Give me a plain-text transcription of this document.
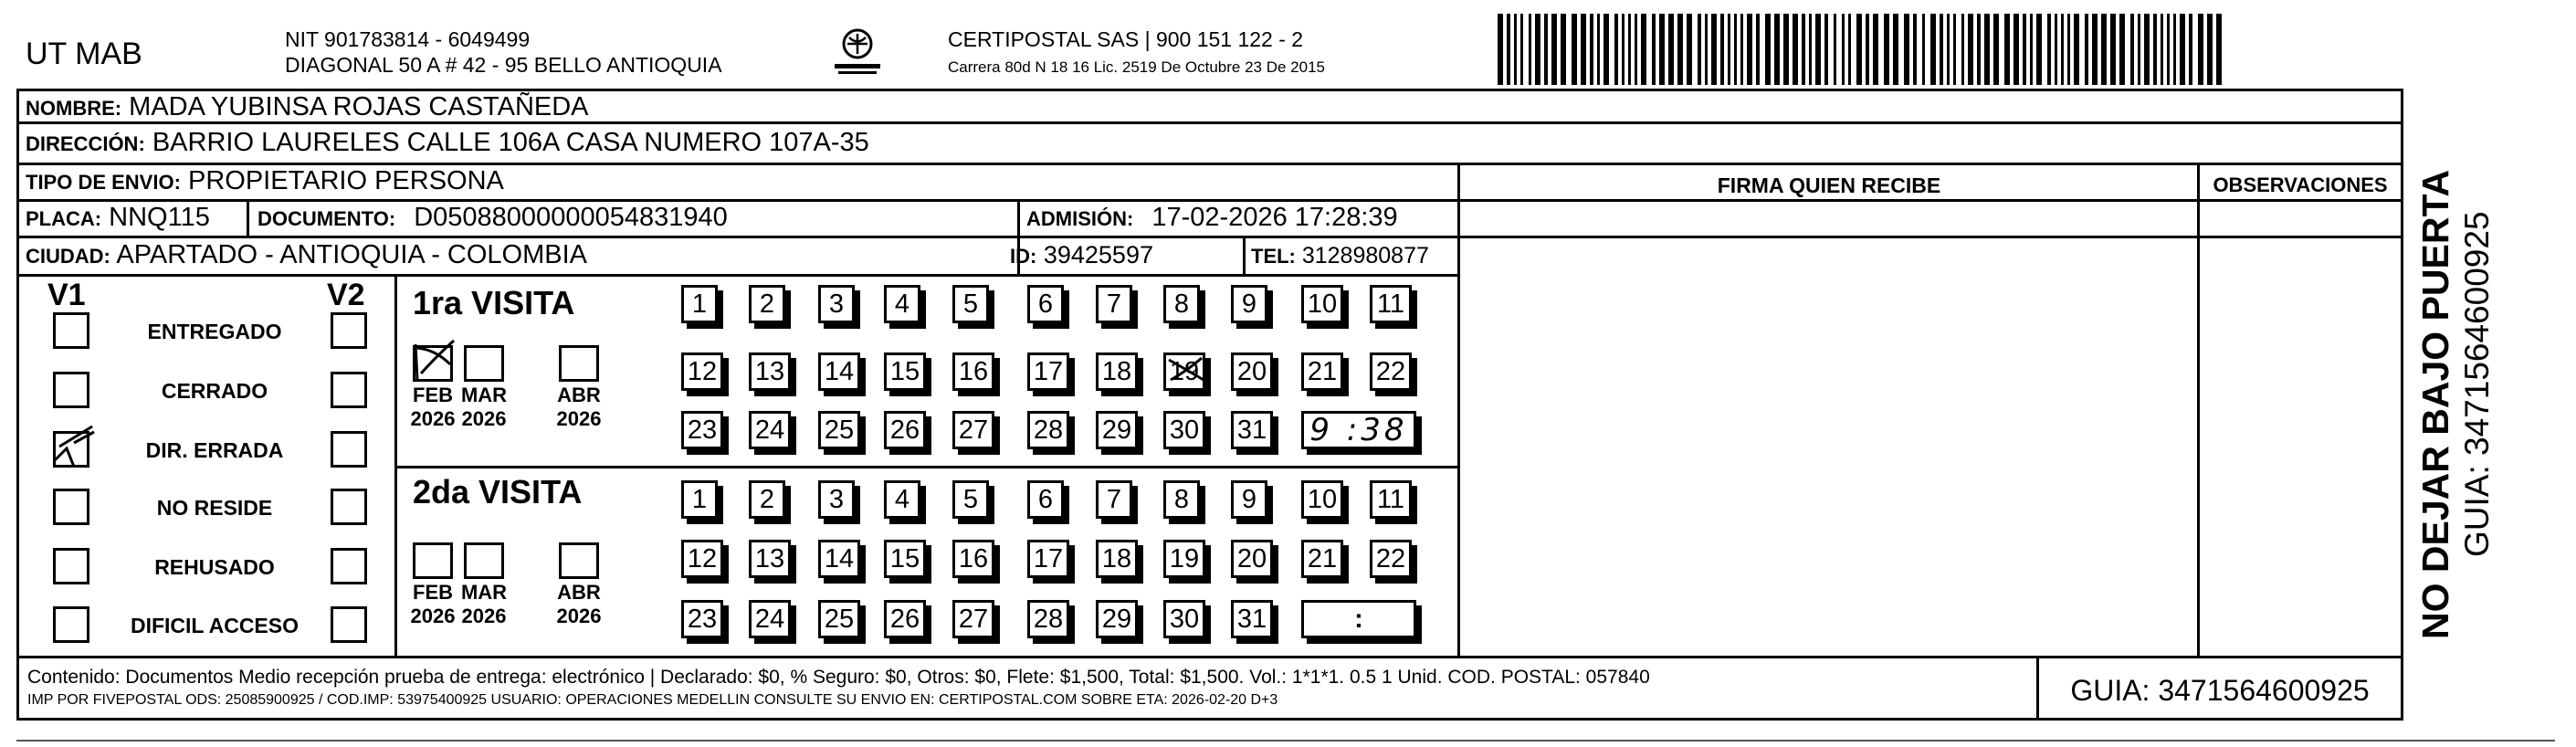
UT MAB	NIT 901783814 - 6049499
DIAGONAL 50 A # 42 - 95 BELLO ANTIOQUIA
CERTIPOSTAL SAS | 900 151 122 - 2
Carrera 80d N 18 16 Lic. 2519 De Octubre 23 De 2015
NOMBRE: MADA YUBINSA ROJAS CASTAÑEDA
DIRECCIÓN: BARRIO LAURELES CALLE 106A CASA NUMERO 107A-35
TIPO DE ENVIO: PROPIETARIO PERSONA	FIRMA QUIEN RECIBE	OBSERVACIONES
PLACA: NNQ115 DOCUMENTO: D05088000000054831940	ADMISIÓN: 17-02-2026 17:28:39
CIUDAD: APARTADO - ANTIOQUIA - COLOMBIA	ID: 39425597	TEL: 3128980877
V1	V2
ENTREGADO
CERRADO
DIR. ERRADA
NO RESIDE
REHUSADO
DIFICIL ACCESO
1ra VISITA
2da VISITA
FEB
2026
MAR
2026
ABR
2026
FEB
2026
MAR
2026
ABR
2026
1	2	3	4	5	6	7	8	9	10 11
12 13 14 15 16 17 18 19 20 21 22
23 24 25 26 27 28 29 30 31 9 :38
1	2	3	4	5	6	7	8	9	10 11
12 13 14 15 16 17 18 19 20 21 22
23 24 25 26 27 28 29 30 31	:
Contenido: Documentos Medio recepción prueba de entrega: electrónico | Declarado: $0, % Seguro: $0, Otros: $0, Flete: $1,500, Total: $1,500. Vol.: 1*1*1. 0.5 1 Unid. COD. POSTAL: 057840
IMP POR FIVEPOSTAL ODS: 25085900925 / COD.IMP: 53975400925 USUARIO: OPERACIONES MEDELLIN CONSULTE SU ENVIO EN: CERTIPOSTAL.COM SOBRE ETA: 2026-02-20 D+3	GUIA: 3471564600925
NO DEJAR BAJO PUERTA GUIA: 3471564600925
